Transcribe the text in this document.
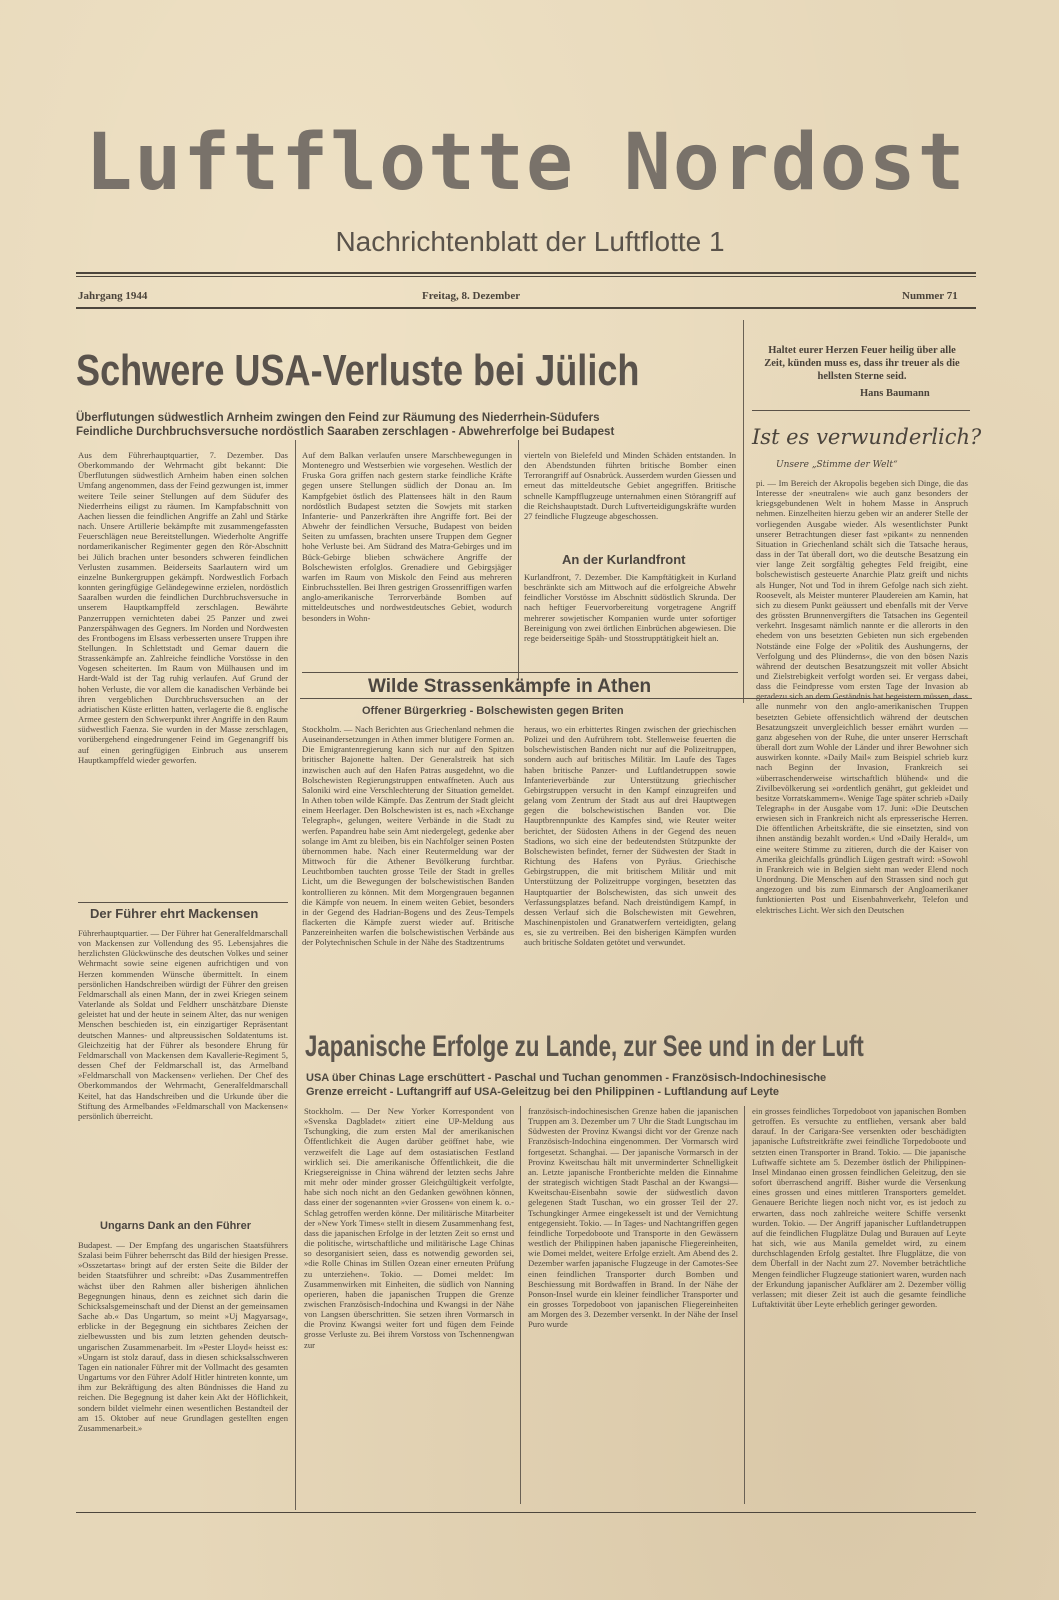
Luftflotte Nordost
Nachrichtenblatt der Luftflotte 1
Jahrgang 1944	Freitag, 8. Dezember	Nummer 71
Schwere USA-Verluste bei Jülich
Überflutungen südwestlich Arnheim zwingen den Feind zur Räumung des Niederrhein-Südufers
Feindliche Durchbruchsversuche nordöstlich Saaraben zerschlagen - Abwehrerfolge bei Budapest
Haltet eurer Herzen Feuer heilig über alle Zeit, künden muss es, dass ihr treuer als die hellsten Sterne seid.
Hans Baumann
Ist es verwunderlich?
Unsere „Stimme der Welt“

pi. — Im Bereich der Akropolis begeben sich Dinge, die das Interesse der »neutralen« wie auch ganz besonders der kriegsgebundenen Welt in hohem Masse in Anspruch nehmen. Einzelheiten hierzu geben wir an anderer Stelle der vorliegenden Ausgabe wieder. Als wesentlichster Punkt unserer Betrachtungen dieser fast »pikant« zu nennenden Situation in Griechenland schält sich die Tatsache heraus, dass in der Tat überall dort, wo die deutsche Besatzung ein vier lange Zeit sorgfältig gehegtes Feld freigibt, eine bolschewistisch gesteuerte Anarchie Platz greift und nichts als Hunger, Not und Tod in ihrem Gefolge nach sich zieht. Roosevelt, als Meister munterer Plaudereien am Kamin, hat sich zu diesem Punkt geäussert und ebenfalls mit der Verve des grössten Brunnenvergifters die Tatsachen ins Gegenteil verkehrt. Insgesamt nämlich nannte er die allerorts in den ehedem von uns besetzten Gebieten nun sich ergebenden Notstände eine Folge der »Politik des Aushungerns, der Verfolgung und des Plünderns«, die von den bösen Nazis während der deutschen Besatzungszeit mit voller Absicht und Zielstrebigkeit verfolgt worden sei. Er vergass dabei, dass die Feindpresse vom ersten Tage der Invasion ab geradezu sich an dem Geständnis hat begeistern müssen, dass alle nunmehr von den anglo-amerikanischen Truppen besetzten Gebiete offensichtlich während der deutschen Besatzungszeit unvergleichlich besser ernährt wurden — ganz abgesehen von der Ruhe, die unter unserer Herrschaft überall dort zum Wohle der Länder und ihrer Bewohner sich auswirken konnte. »Daily Mail« zum Beispiel schrieb kurz nach Beginn der Invasion, Frankreich sei »überraschenderweise wirtschaftlich blühend« und die Zivilbevölkerung sei »ordentlich genährt, gut gekleidet und besitze Vorratskammern«. Wenige Tage später schrieb »Daily Telegraph« in der Ausgabe vom 17. Juni: »Die Deutschen erwiesen sich in Frankreich nicht als erpresserische Herren. Die öffentlichen Arbeitskräfte, die sie einsetzten, sind von ihnen anständig bezahlt worden.« Und »Daily Herald«, um eine weitere Stimme zu zitieren, durch die der Kaiser von Amerika gleichfalls gründlich Lügen gestraft wird: »Sowohl in Frankreich wie in Belgien sieht man weder Elend noch Unordnung. Die Menschen auf den Strassen sind noch gut angezogen und bis zum Einmarsch der Angloamerikaner funktionierten Post und Eisenbahnverkehr, Telefon und elektrisches Licht. Wer sich den Deutschen

Aus dem Führerhauptquartier, 7. Dezember. Das Oberkommando der Wehrmacht gibt bekannt: Die Überflutungen südwestlich Arnheim haben einen solchen Umfang angenommen, dass der Feind gezwungen ist, immer weitere Teile seiner Stellungen auf dem Südufer des Niederrheins eiligst zu räumen. Im Kampfabschnitt von Aachen liessen die feindlichen Angriffe an Zahl und Stärke nach. Unsere Artillerie bekämpfte mit zusammengefassten Feuerschlägen neue Bereitstellungen. Wiederholte Angriffe nordamerikanischer Regimenter gegen den Rör-Abschnitt bei Jülich brachen unter besonders schweren feindlichen Verlusten zusammen. Beiderseits Saarlautern wird um einzelne Bunkergruppen gekämpft. Nordwestlich Forbach konnten geringfügige Geländegewinne erzielen, nordöstlich Saaralben wurden die feindlichen Durchbruchsversuche in unserem Hauptkampffeld zerschlagen. Bewährte Panzerruppen vernichteten dabei 25 Panzer und zwei Panzerspähwagen des Gegners. Im Norden und Nordwesten des Frontbogens im Elsass verbesserten unsere Truppen ihre Stellungen. In Schlettstadt und Gemar dauern die Strassenkämpfe an. Zahlreiche feindliche Vorstösse in den Vogesen scheiterten. Im Raum von Mülhausen und im Hardt-Wald ist der Tag ruhig verlaufen. Auf Grund der hohen Verluste, die vor allem die kanadischen Verbände bei ihren vergeblichen Durchbruchsversuchen an der adriatischen Küste erlitten hatten, verlagerte die 8. englische Armee gestern den Schwerpunkt ihrer Angriffe in den Raum südwestlich Faenza. Sie wurden in der Masse zerschlagen, vorübergehend eingedrungener Feind im Gegenangriff bis auf einen geringfügigen Einbruch aus unserem Hauptkampffeld wieder geworfen.

Der Führer ehrt Mackensen

Führerhauptquartier. — Der Führer hat Generalfeldmarschall von Mackensen zur Vollendung des 95. Lebensjahres die herzlichsten Glückwünsche des deutschen Volkes und seiner Wehrmacht sowie seine eigenen aufrichtigen und von Herzen kommenden Wünsche übermittelt. In einem persönlichen Handschreiben würdigt der Führer den greisen Feldmarschall als einen Mann, der in zwei Kriegen seinem Vaterlande als Soldat und Feldherr unschätzbare Dienste geleistet hat und der heute in seinem Alter, das nur wenigen Menschen beschieden ist, ein einzigartiger Repräsentant deutschen Mannes- und altpreussischen Soldatentums ist. Gleichzeitig hat der Führer als besondere Ehrung für Feldmarschall von Mackensen dem Kavallerie-Regiment 5, dessen Chef der Feldmarschall ist, das Armelband »Feldmarschall von Mackensen« verliehen. Der Chef des Oberkommandos der Wehrmacht, Generalfeldmarschall Keitel, hat das Handschreiben und die Urkunde über die Stiftung des Armelbandes »Feldmarschall von Mackensen« persönlich überreicht.

Ungarns Dank an den Führer

Budapest. — Der Empfang des ungarischen Staatsführers Szalasi beim Führer beherrscht das Bild der hiesigen Presse. »Osszetartas« bringt auf der ersten Seite die Bilder der beiden Staatsführer und schreibt: »Das Zusammentreffen wächst über den Rahmen aller bisherigen ähnlichen Begegnungen hinaus, denn es zeichnet sich darin die Schicksalsgemeinschaft und der Dienst an der gemeinsamen Sache ab.« Das Ungartum, so meint »Uj Magyarsag«, erblicke in der Begegnung ein sichtbares Zeichen der zielbewussten und bis zum letzten gehenden deutsch-ungarischen Zusammenarbeit. Im »Pester Lloyd« heisst es: »Ungarn ist stolz darauf, dass in diesen schicksalsschweren Tagen ein nationaler Führer mit der Vollmacht des gesamten Ungartums vor den Führer Adolf Hitler hintreten konnte, um ihm zur Bekräftigung des alten Bündnisses die Hand zu reichen. Die Begegnung ist daher kein Akt der Höflichkeit, sondern bildet vielmehr einen wesentlichen Bestandteil der am 15. Oktober auf neue Grundlagen gestellten engen Zusammenarbeit.»

Auf dem Balkan verlaufen unsere Marschbewegungen in Montenegro und Westserbien wie vorgesehen. Westlich der Fruska Gora griffen nach gestern starke feindliche Kräfte gegen unsere Stellungen südlich der Donau an. Im Kampfgebiet östlich des Plattensees hält in den Raum nordöstlich Budapest setzten die Sowjets mit starken Infanterie- und Panzerkräften ihre Angriffe fort. Bei der Abwehr der feindlichen Versuche, Budapest von beiden Seiten zu umfassen, brachten unsere Truppen dem Gegner hohe Verluste bei. Am Südrand des Matra-Gebirges und im Bück-Gebirge blieben schwächere Angriffe der Bolschewisten erfolglos. Grenadiere und Gebirgsjäger warfen im Raum von Miskolc den Feind aus mehreren Einbruchsstellen. Bei Ihren gestrigen Grossenriffigen warfen anglo-amerikanische Terrorverbände Bomben auf mitteldeutsches und nordwestdeutsches Gebiet, wodurch besonders in Wohn-

vierteln von Bielefeld und Minden Schäden entstanden. In den Abendstunden führten britische Bomber einen Terrorangriff auf Osnabrück. Ausserdem wurden Giessen und erneut das mitteldeutsche Gebiet angegriffen. Britische schnelle Kampfflugzeuge unternahmen einen Störangriff auf die Reichshauptstadt. Durch Luftverteidigungskräfte wurden 27 feindliche Flugzeuge abgeschossen.

An der Kurlandfront

Kurlandfront, 7. Dezember. Die Kampftätigkeit in Kurland beschränkte sich am Mittwoch auf die erfolgreiche Abwehr feindlicher Vorstösse im Abschnitt südöstlich Skrunda. Der nach heftiger Feuervorbereitung vorgetragene Angriff mehrerer sowjetischer Kompanien wurde unter sofortiger Bereinigung von zwei örtlichen Einbrüchen abgewiesen. Die rege beiderseitige Späh- und Stosstrupptätigkeit hielt an.

Wilde Strassenkämpfe in Athen
Offener Bürgerkrieg - Bolschewisten gegen Briten

Stockholm. — Nach Berichten aus Griechenland nehmen die Auseinandersetzungen in Athen immer blutigere Formen an. Die Emigrantenregierung kann sich nur auf den Spitzen britischer Bajonette halten. Der Generalstreik hat sich inzwischen auch auf den Hafen Patras ausgedehnt, wo die Bolschewisten Regierungstruppen entwaffneten. Auch aus Saloniki wird eine Verschlechterung der Situation gemeldet. In Athen toben wilde Kämpfe. Das Zentrum der Stadt gleicht einem Heerlager. Den Bolschewisten ist es, nach »Exchange Telegraph«, gelungen, weitere Verbände in die Stadt zu werfen. Papandreu habe sein Amt niedergelegt, gedenke aber solange im Amt zu bleiben, bis ein Nachfolger seinen Posten übernommen habe. Nach einer Reutermeldung war der Mittwoch für die Athener Bevölkerung furchtbar. Leuchtbomben tauchten grosse Teile der Stadt in grelles Licht, um die Bewegungen der bolschewistischen Banden kontrollieren zu können. Mit dem Morgengrauen begannen die Kämpfe von neuem. In einem weiten Gebiet, besonders in der Gegend des Hadrian-Bogens und des Zeus-Tempels flackerten die Kämpfe zuerst wieder auf. Britische Panzereinheiten warfen die bolschewistischen Verbände aus der Polytechnischen Schule in der Nähe des Stadtzentrums

heraus, wo ein erbittertes Ringen zwischen der griechischen Polizei und den Aufrührern tobt. Stellenweise feuerten die bolschewistischen Banden nicht nur auf die Polizeitruppen, sondern auch auf britisches Militär. Im Laufe des Tages haben britische Panzer- und Luftlandetruppen sowie Infanterieverbände zur Unterstützung griechischer Gebirgstruppen versucht in den Kampf einzugreifen und gelang vom Zentrum der Stadt aus auf drei Hauptwegen gegen die bolschewistischen Banden vor. Die Hauptbrennpunkte des Kampfes sind, wie Reuter weiter berichtet, der Südosten Athens in der Gegend des neuen Stadions, wo sich eine der bedeutendsten Stützpunkte der Bolschewisten befindet, ferner der Südwesten der Stadt in Richtung des Hafens von Pyräus. Griechische Gebirgstruppen, die mit britischem Militär und mit Unterstützung der Polizeitruppe vorgingen, besetzten das Hauptquartier der Bolschewisten, das sich unweit des Verfassungsplatzes befand. Nach dreistündigem Kampf, in dessen Verlauf sich die Bolschewisten mit Gewehren, Maschinenpistolen und Granatwerfern verteidigten, gelang es, sie zu vertreiben. Bei den bisherigen Kämpfen wurden auch britische Soldaten getötet und verwundet.

Japanische Erfolge zu Lande, zur See und in der Luft
USA über Chinas Lage erschüttert - Paschal und Tuchan genommen - Französisch-Indochinesische
Grenze erreicht - Luftangriff auf USA-Geleitzug bei den Philippinen - Luftlandung auf Leyte

Stockholm. — Der New Yorker Korrespondent von »Svenska Dagbladet« zitiert eine UP-Meldung aus Tschungking, die zum ersten Mal der amerikanischen Öffentlichkeit die Augen darüber geöffnet habe, wie verzweifelt die Lage auf dem ostasiatischen Festland wirklich sei. Die amerikanische Öffentlichkeit, die die Kriegsereignisse in China während der letzten sechs Jahre mit mehr oder minder grosser Gleichgültigkeit verfolgte, habe sich noch nicht an den Gedanken gewöhnen können, dass einer der sogenannten »vier Grossen« von einem k. o.-Schlag getroffen werden könne. Der militärische Mitarbeiter der »New York Times« stellt in diesem Zusammenhang fest, dass die japanischen Erfolge in der letzten Zeit so ernst und die politische, wirtschaftliche und militärische Lage Chinas so desorganisiert seien, dass es notwendig geworden sei, »die Rolle Chinas im Stillen Ozean einer erneuten Prüfung zu unterziehen«. Tokio. — Domei meldet: Im Zusammenwirken mit Einheiten, die südlich von Nanning operieren, haben die japanischen Truppen die Grenze zwischen Französisch-Indochina und Kwangsi in der Nähe von Langsen überschritten. Sie setzen ihren Vormarsch in die Provinz Kwangsi weiter fort und fügen dem Feinde grosse Verluste zu. Bei ihrem Vorstoss von Tschennengwan zur

französisch-indochinesischen Grenze haben die japanischen Truppen am 3. Dezember um 7 Uhr die Stadt Lungtschau im Südwesten der Provinz Kwangsi dicht vor der Grenze nach Französisch-Indochina eingenommen. Der Vormarsch wird fortgesetzt. Schanghai. — Der japanische Vormarsch in der Provinz Kweitschau hält mit unverminderter Schnelligkeit an. Letzte japanische Frontberichte melden die Einnahme der strategisch wichtigen Stadt Paschal an der Kwangsi—Kweitschau-Eisenbahn sowie der südwestlich davon gelegenen Stadt Tuschan, wo ein grosser Teil der 27. Tschungkinger Armee eingekesselt ist und der Vernichtung entgegensieht. Tokio. — In Tages- und Nachtangriffen gegen feindliche Torpedoboote und Transporte in den Gewässern westlich der Philippinen haben japanische Fliegereinheiten, wie Domei meldet, weitere Erfolge erzielt. Am Abend des 2. Dezember warfen japanische Flugzeuge in der Camotes-See einen feindlichen Transporter durch Bomben und Beschiessung mit Bordwaffen in Brand. In der Nähe der Ponson-Insel wurde ein kleiner feindlicher Transporter und ein grosses Torpedoboot von japanischen Fliegereinheiten am Morgen des 3. Dezember versenkt. In der Nähe der Insel Puro wurde

ein grosses feindliches Torpedoboot von japanischen Bomben getroffen. Es versuchte zu entfliehen, versank aber bald darauf. In der Carigara-See versenkten oder beschädigten japanische Luftstreitkräfte zwei feindliche Torpedoboote und setzten einen Transporter in Brand. Tokio. — Die japanische Luftwaffe sichtete am 5. Dezember östlich der Philippinen-Insel Mindanao einen grossen feindlichen Geleitzug, den sie sofort überraschend angriff. Bisher wurde die Versenkung eines grossen und eines mittleren Transporters gemeldet. Genauere Berichte liegen noch nicht vor, es ist jedoch zu erwarten, dass noch zahlreiche weitere Schiffe versenkt wurden. Tokio. — Der Angriff japanischer Luftlandetruppen auf die feindlichen Flugplätze Dulag und Burauen auf Leyte hat sich, wie aus Manila gemeldet wird, zu einem durchschlagenden Erfolg gestaltet. Ihre Flugplätze, die von dem Überfall in der Nacht zum 27. November beträchtliche Mengen feindlicher Flugzeuge stationiert waren, wurden nach der Erkundung japanischer Aufklärer am 2. Dezember völlig verlassen; mit dieser Zeit ist auch die gesamte feindliche Luftaktivität über Leyte erheblich geringer geworden.
